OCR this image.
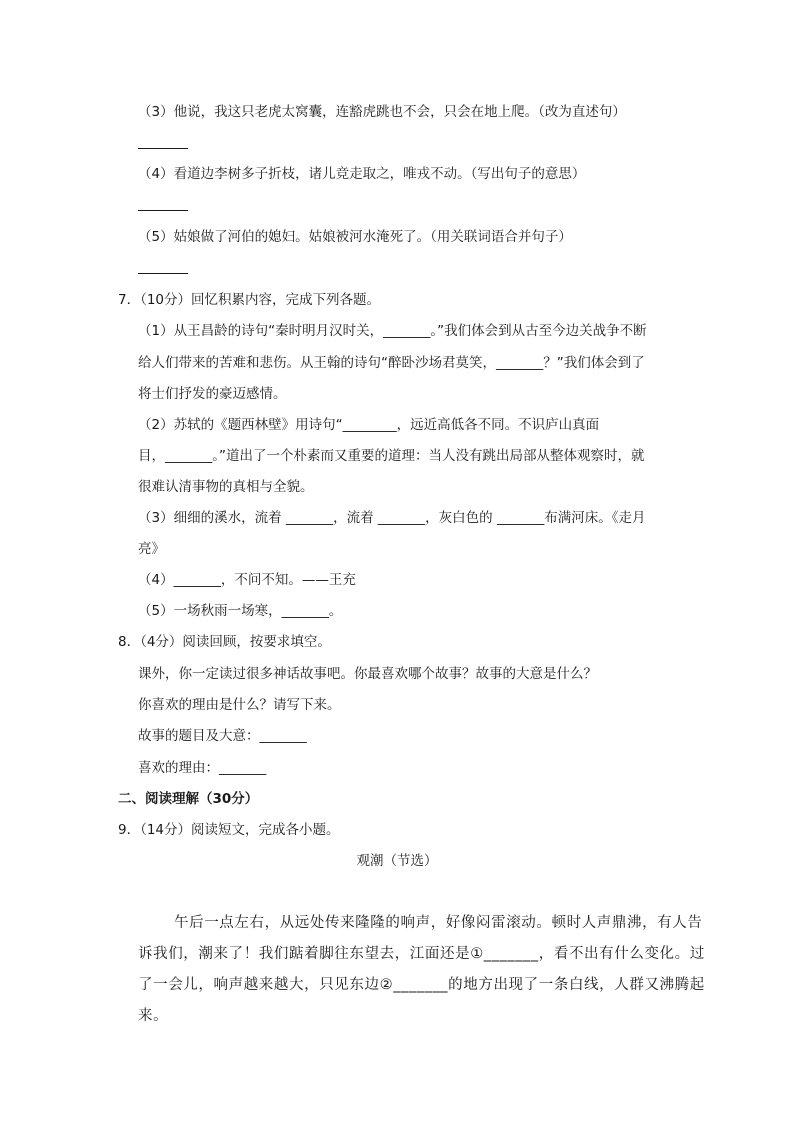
（3）他说，我这只老虎太窝囊，连豁虎跳也不会，只会在地上爬。（改为直述句）
（4）看道边李树多子折枝，诸儿竞走取之，唯戎不动。（写出句子的意思）
（5）姑娘做了河伯的媳妇。姑娘被河水淹死了。（用关联词语合并句子）
7．（10分）回忆积累内容，完成下列各题。
（1）从王昌龄的诗句“秦时明月汉时关，_______。”我们体会到从古至今边关战争不断
给人们带来的苦难和悲伤。从王翰的诗句“醉卧沙场君莫笑，_______？”我们体会到了
将士们抒发的豪迈感情。
（2）苏轼的《题西林壁》用诗句“________，远近高低各不同。不识庐山真面
目，_______。”道出了一个朴素而又重要的道理：当人没有跳出局部从整体观察时，就
很难认清事物的真相与全貌。
（3）细细的溪水，流着 _______，流着 _______，灰白色的 _______布满河床。《走月
亮》
（4）_______，不问不知。——王充
（5）一场秋雨一场寒，_______。
8．（4分）阅读回顾，按要求填空。
课外，你一定读过很多神话故事吧。你最喜欢哪个故事？故事的大意是什么？
你喜欢的理由是什么？请写下来。
故事的题目及大意：_______
喜欢的理由：_______
二、阅读理解（30分）
9．（14分）阅读短文，完成各小题。
观潮（节选）
午后一点左右，从远处传来隆隆的响声，好像闷雷滚动。顿时人声鼎沸，有人告
诉我们，潮来了！我们踮着脚往东望去，江面还是①_______，看不出有什么变化。过
了一会儿，响声越来越大，只见东边②_______的地方出现了一条白线，人群又沸腾起
来。
